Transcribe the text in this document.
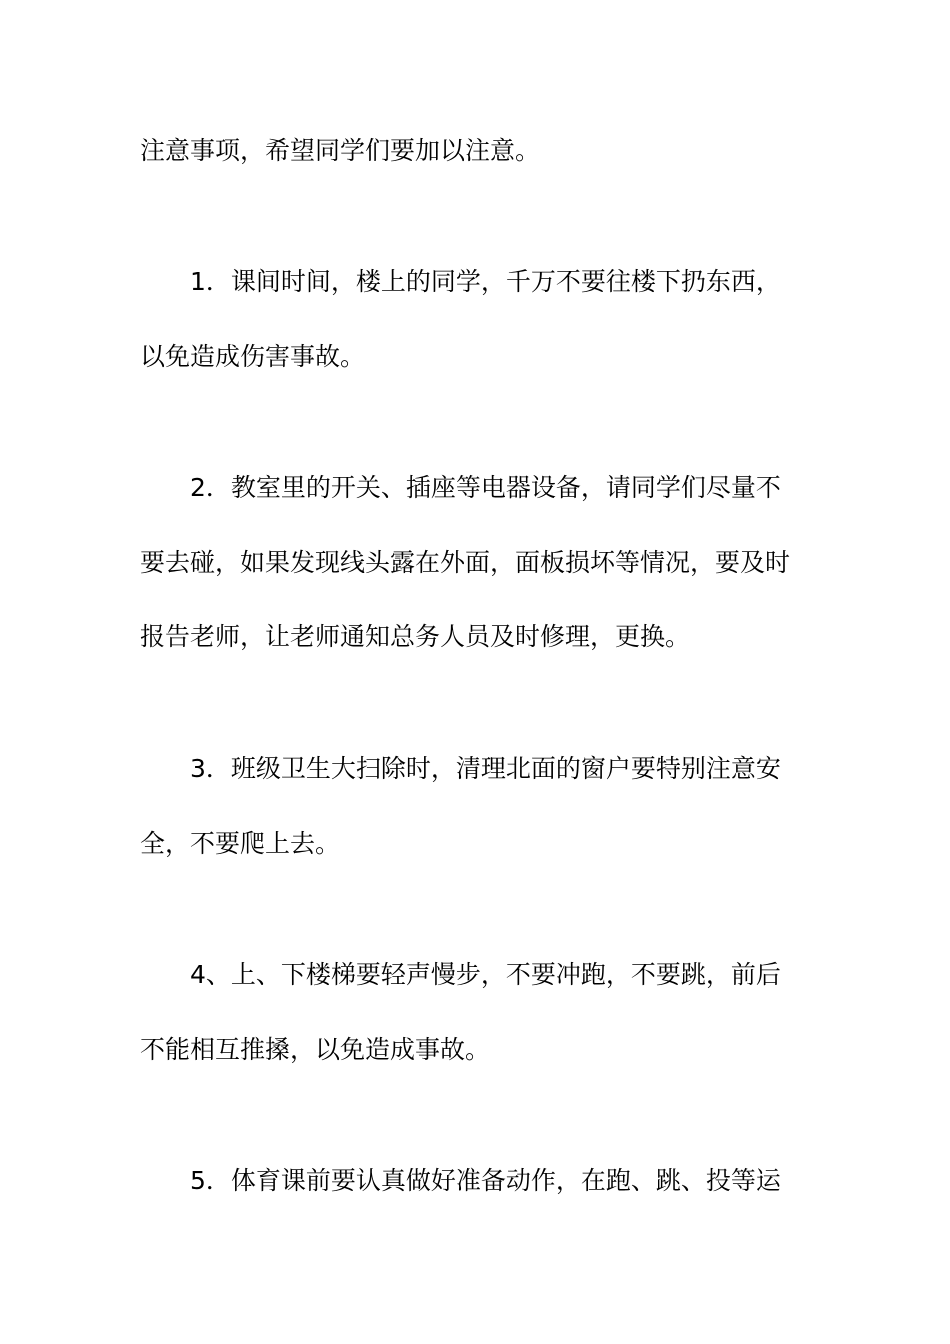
注意事项，希望同学们要加以注意。
　　1．课间时间，楼上的同学，千万不要往楼下扔东西，
以免造成伤害事故。
　　2．教室里的开关、插座等电器设备，请同学们尽量不
要去碰，如果发现线头露在外面，面板损坏等情况，要及时
报告老师，让老师通知总务人员及时修理，更换。
　　3．班级卫生大扫除时，清理北面的窗户要特别注意安
全，不要爬上去。
　　4、上、下楼梯要轻声慢步，不要冲跑，不要跳，前后
不能相互推搡，以免造成事故。
　　5．体育课前要认真做好准备动作，在跑、跳、投等运
